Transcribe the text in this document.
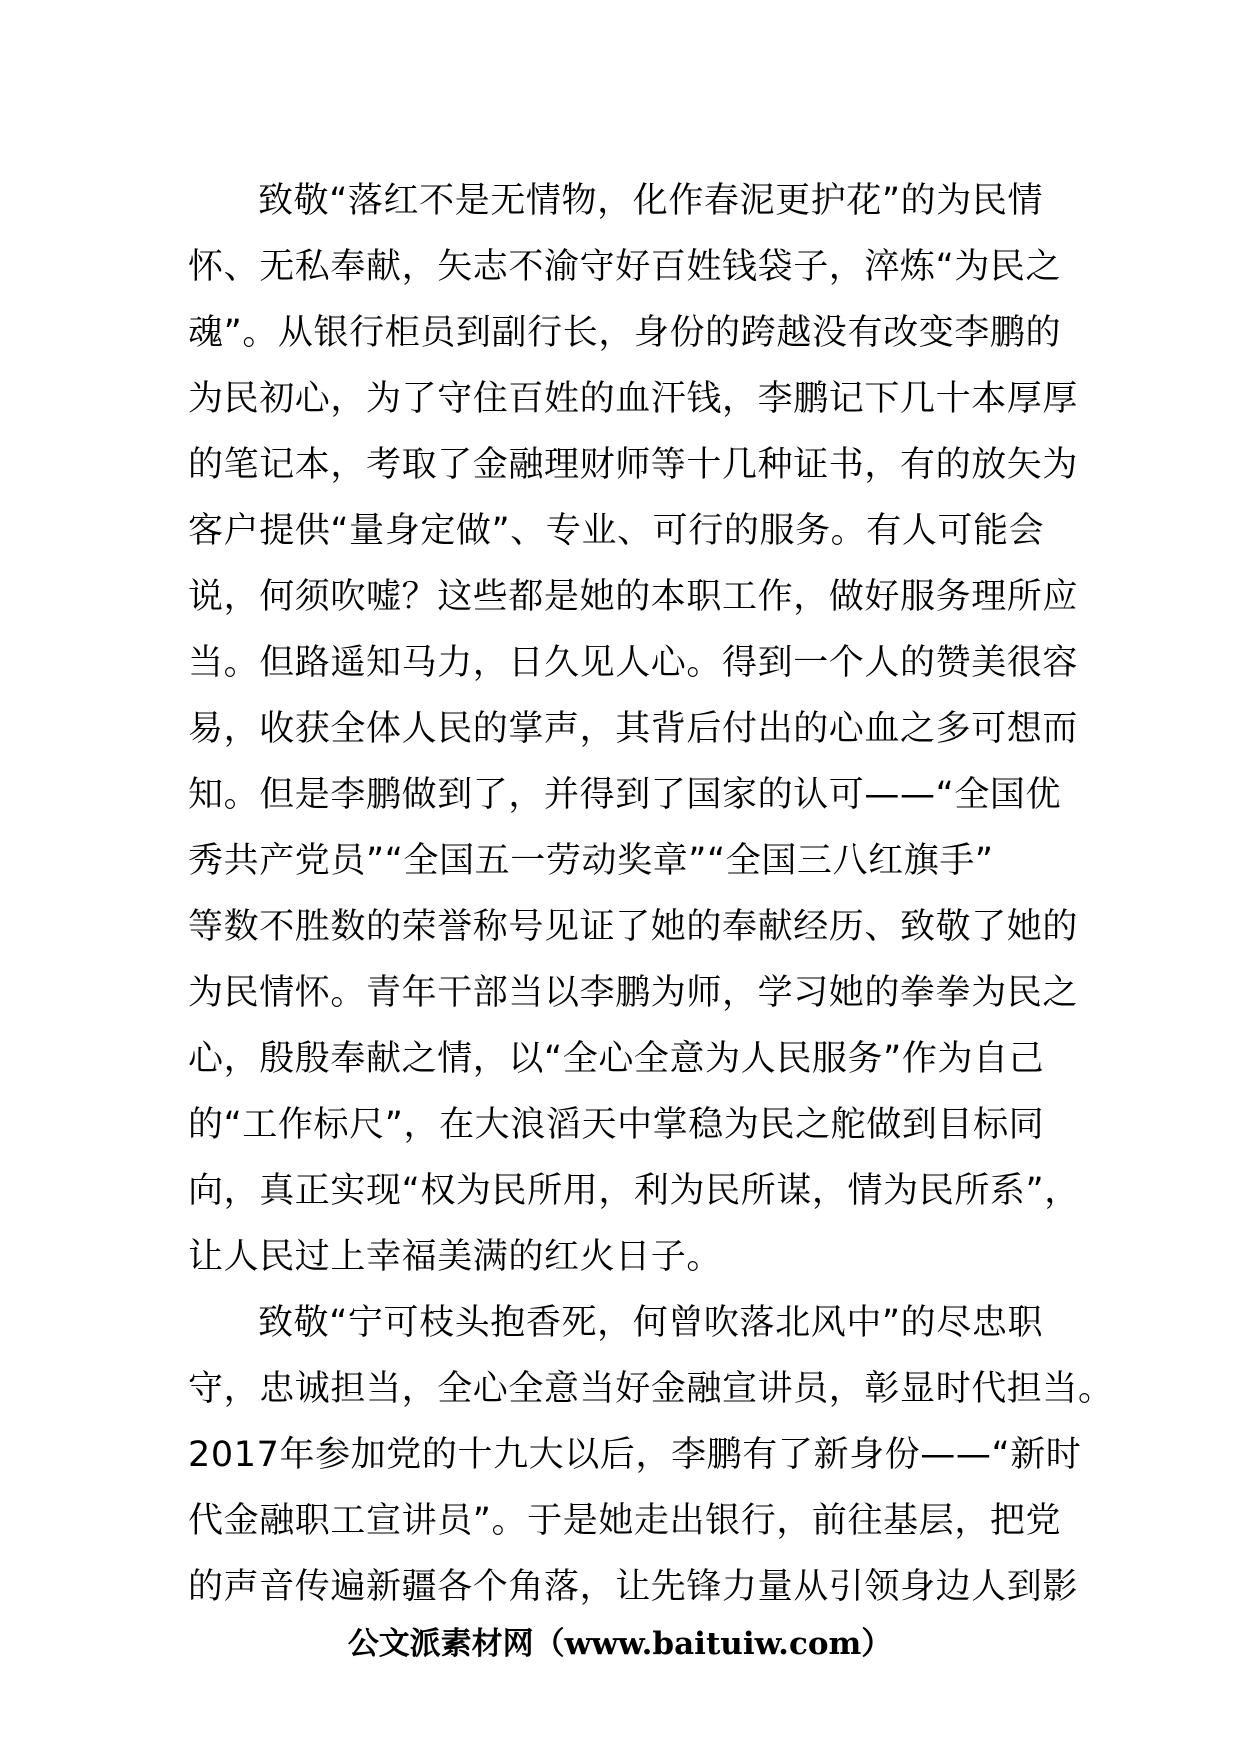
致敬“落红不是无情物，化作春泥更护花”的为民情
怀、无私奉献，矢志不渝守好百姓钱袋子，淬炼“为民之
魂”。从银行柜员到副行长，身份的跨越没有改变李鹏的
为民初心，为了守住百姓的血汗钱，李鹏记下几十本厚厚
的笔记本，考取了金融理财师等十几种证书，有的放矢为
客户提供“量身定做”、专业、可行的服务。有人可能会
说，何须吹嘘？这些都是她的本职工作，做好服务理所应
当。但路遥知马力，日久见人心。得到一个人的赞美很容
易，收获全体人民的掌声，其背后付出的心血之多可想而
知。但是李鹏做到了，并得到了国家的认可——“全国优
秀共产党员”“全国五一劳动奖章”“全国三八红旗手”
等数不胜数的荣誉称号见证了她的奉献经历、致敬了她的
为民情怀。青年干部当以李鹏为师，学习她的拳拳为民之
心，殷殷奉献之情，以“全心全意为人民服务”作为自己
的“工作标尺”，在大浪滔天中掌稳为民之舵做到目标同
向，真正实现“权为民所用，利为民所谋，情为民所系”，
让人民过上幸福美满的红火日子。
致敬“宁可枝头抱香死，何曾吹落北风中”的尽忠职
守，忠诚担当，全心全意当好金融宣讲员，彰显时代担当。
2017年参加党的十九大以后，李鹏有了新身份——“新时
代金融职工宣讲员”。于是她走出银行，前往基层，把党
的声音传遍新疆各个角落，让先锋力量从引领身边人到影
公文派素材网（www.baituiw.com）
